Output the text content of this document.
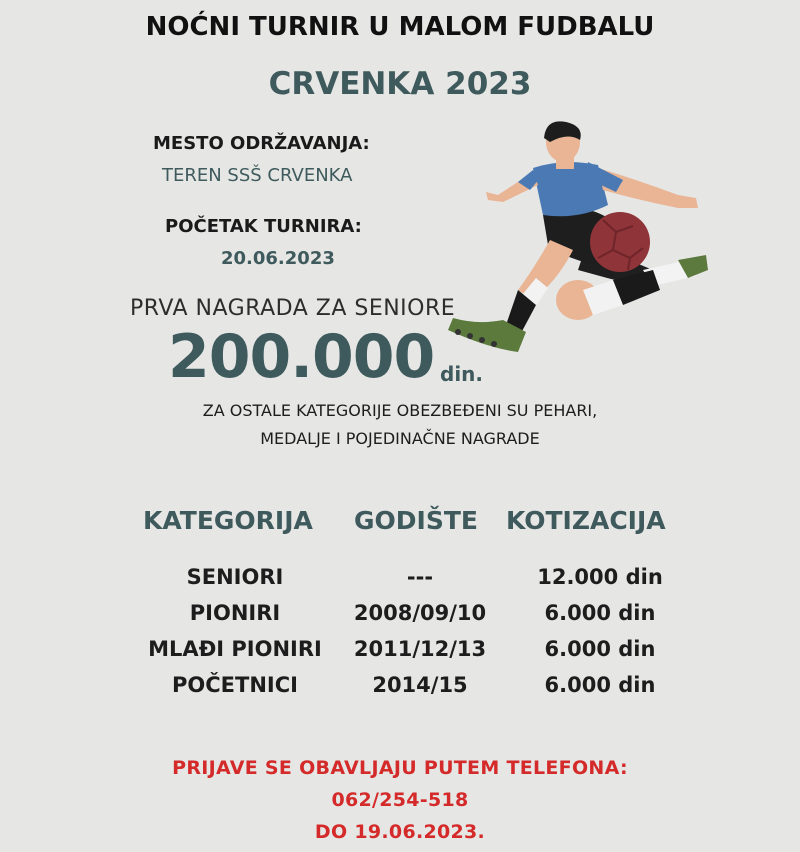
NOĆNI TURNIR U MALOM FUDBALU
CRVENKA 2023
MESTO ODRŽAVANJA:
TEREN SSŠ CRVENKA
POČETAK TURNIRA:
20.06.2023
PRVA NAGRADA ZA SENIORE
200.000 din.
ZA OSTALE KATEGORIJE OBEZBEĐENI SU PEHARI,
MEDALJE I POJEDINAČNE NAGRADE
KATEGORIJA GODIŠTE KOTIZACIJA
SENIORI	---	12.000 din
PIONIRI	2008/09/10	6.000 din
MLAĐI PIONIRI	2011/12/13	6.000 din
POČETNICI	2014/15	6.000 din
PRIJAVE SE OBAVLJAJU PUTEM TELEFONA:
062/254-518
DO 19.06.2023.
